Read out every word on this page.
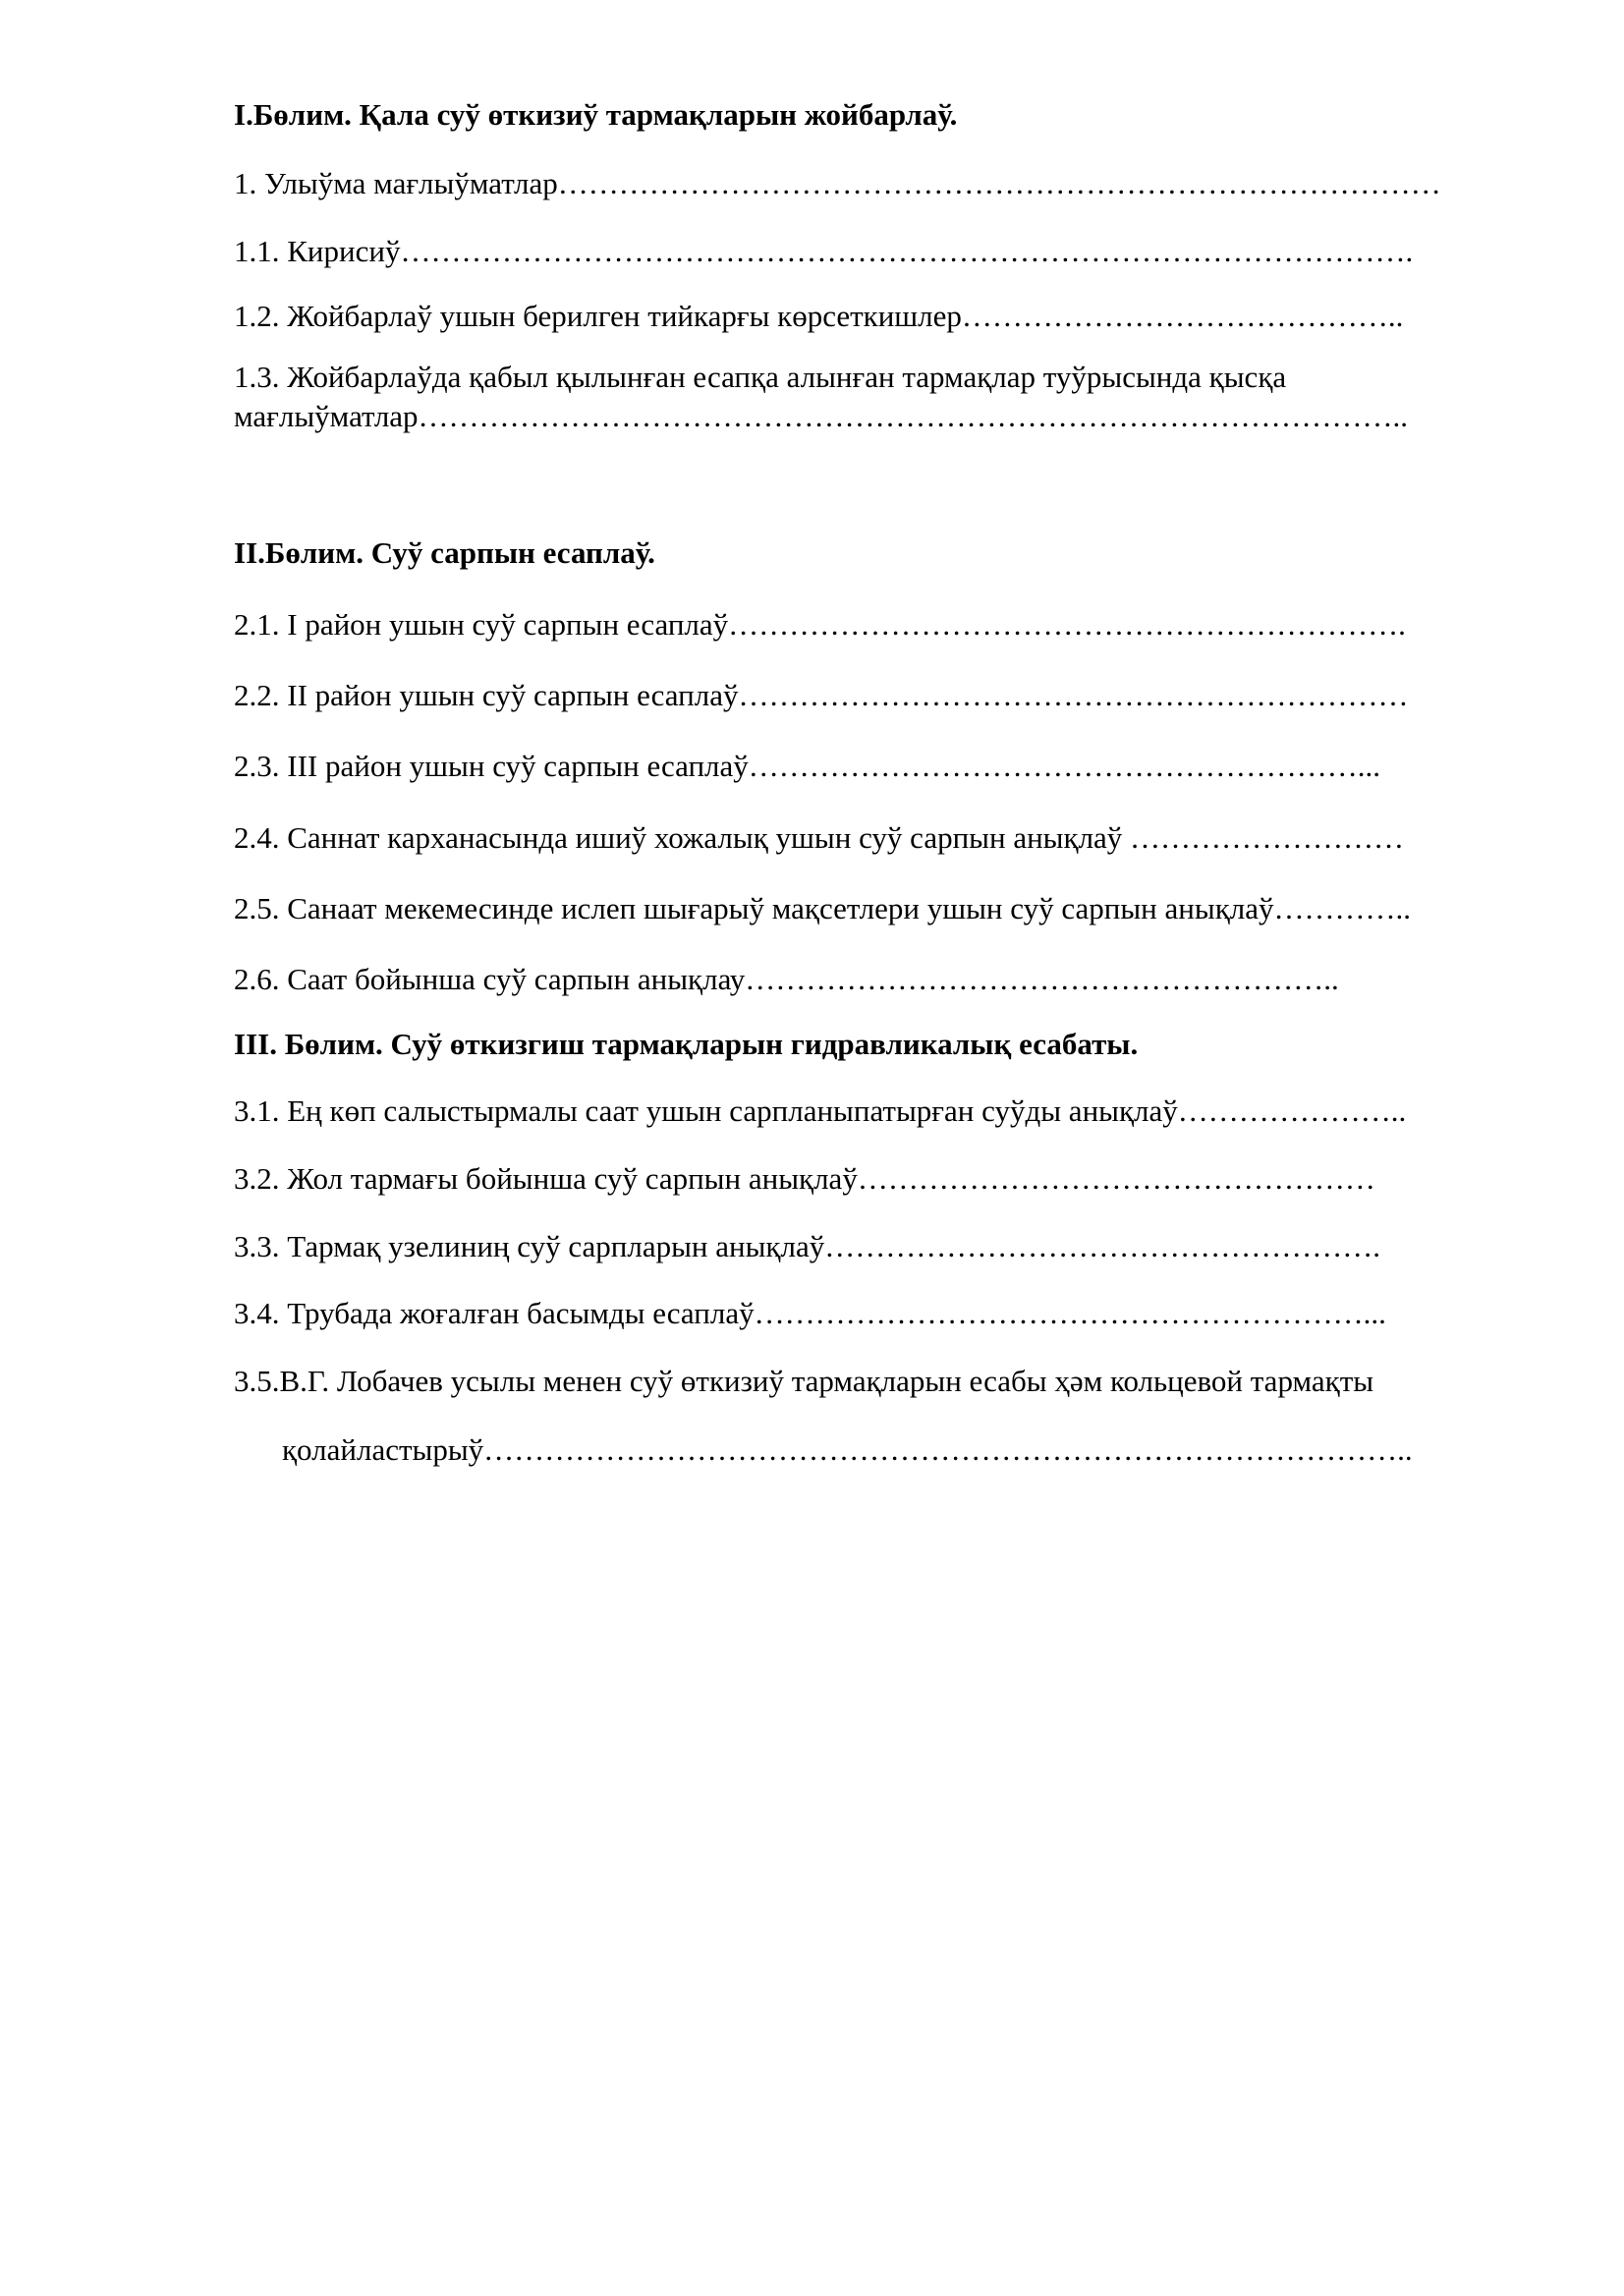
I.Бөлим. Қала суў өткизиў тармақларын жойбарлаў.
1. Улыўма мағлыўматлар……………………………………………………………………………
1.1. Кирисиў……………………………………………………………………………………….
1.2. Жойбарлаў ушын берилген тийкарғы көрсеткишлер……………………………………..
1.3. Жойбарлаўда қабыл қылынған есапқа алынған тармақлар туўрысында қысқа
мағлыўматлар……………………………………………………………………………………..
II.Бөлим. Суў сарпын есаплаў.
2.1. I район ушын суў сарпын есаплаў………………………………………………………….
2.2. II район ушын суў сарпын есаплаў…………………………………………………………
2.3. III район ушын суў сарпын есаплаў……………………………………………………...
2.4. Саннат карханасында ишиў хожалық ушын суў сарпын анықлаў ………………………
2.5. Санаат мекемесинде ислеп шығарыў мақсетлери ушын суў сарпын анықлаў…………..
2.6. Саат бойынша суў сарпын анықлау…………………………………………………..
III. Бөлим. Суў өткизгиш тармақларын гидравликалық есабаты.
3.1. Ең көп салыстырмалы саат ушын сарпланыпатырған суўды анықлаў…………………..
3.2. Жол тармағы бойынша суў сарпын анықлаў……………………………………………
3.3. Тармақ узелиниң суў сарпларын анықлаў……………………………………………….
3.4. Трубада жоғалған басымды есаплаў……………………………………………………...
3.5.В.Г. Лобачев усылы менен суў өткизиў тармақларын есабы ҳәм кольцевой тармақты
қолайластырыў………………………………………………………………………………..
